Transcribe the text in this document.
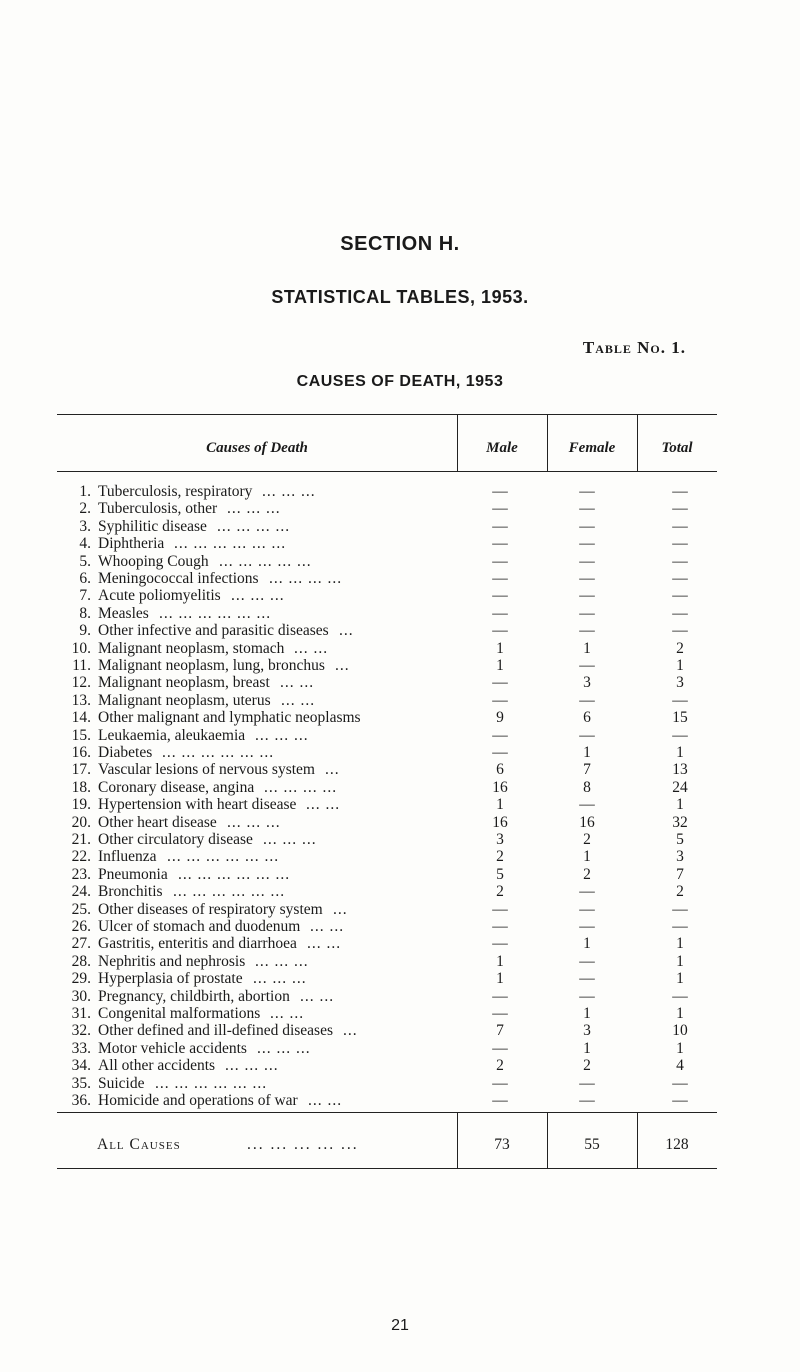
SECTION H.
STATISTICAL TABLES, 1953.
Table No. 1.
CAUSES OF DEATH, 1953
Causes of Death	Male	Female	Total
1. Tuberculosis, respiratory ... ... ...	—	—	—
2. Tuberculosis, other ... ... ...	—	—	—
3. Syphilitic disease ... ... ... ...	—	—	—
4. Diphtheria ... ... ... ... ... ...	—	—	—
5. Whooping Cough ... ... ... ... ...	—	—	—
6. Meningococcal infections ... ... ... ...	—	—	—
7. Acute poliomyelitis ... ... ...	—	—	—
8. Measles ... ... ... ... ... ...	—	—	—
9. Other infective and parasitic diseases ...	—	—	—
10. Malignant neoplasm, stomach ... ...	1	1	2
11. Malignant neoplasm, lung, bronchus ...	1	—	1
12. Malignant neoplasm, breast ... ...	—	3	3
13. Malignant neoplasm, uterus ... ...	—	—	—
14. Other malignant and lymphatic neoplasms	9	6	15
15. Leukaemia, aleukaemia ... ... ...	—	—	—
16. Diabetes ... ... ... ... ... ...	—	1	1
17. Vascular lesions of nervous system ...	6	7	13
18. Coronary disease, angina ... ... ... ...	16	8	24
19. Hypertension with heart disease ... ...	1	—	1
20. Other heart disease ... ... ...	16	16	32
21. Other circulatory disease ... ... ...	3	2	5
22. Influenza ... ... ... ... ... ...	2	1	3
23. Pneumonia ... ... ... ... ... ...	5	2	7
24. Bronchitis ... ... ... ... ... ...	2	—	2
25. Other diseases of respiratory system ...	—	—	—
26. Ulcer of stomach and duodenum ... ...	—	—	—
27. Gastritis, enteritis and diarrhoea ... ...	—	1	1
28. Nephritis and nephrosis ... ... ...	1	—	1
29. Hyperplasia of prostate ... ... ...	1	—	1
30. Pregnancy, childbirth, abortion ... ...	—	—	—
31. Congenital malformations ... ...	—	1	1
32. Other defined and ill-defined diseases ...	7	3	10
33. Motor vehicle accidents ... ... ...	—	1	1
34. All other accidents ... ... ...	2	2	4
35. Suicide ... ... ... ... ... ...	—	—	—
36. Homicide and operations of war ... ...	—	—	—
All Causes	... ... ... ... ...	73	55	128
21
